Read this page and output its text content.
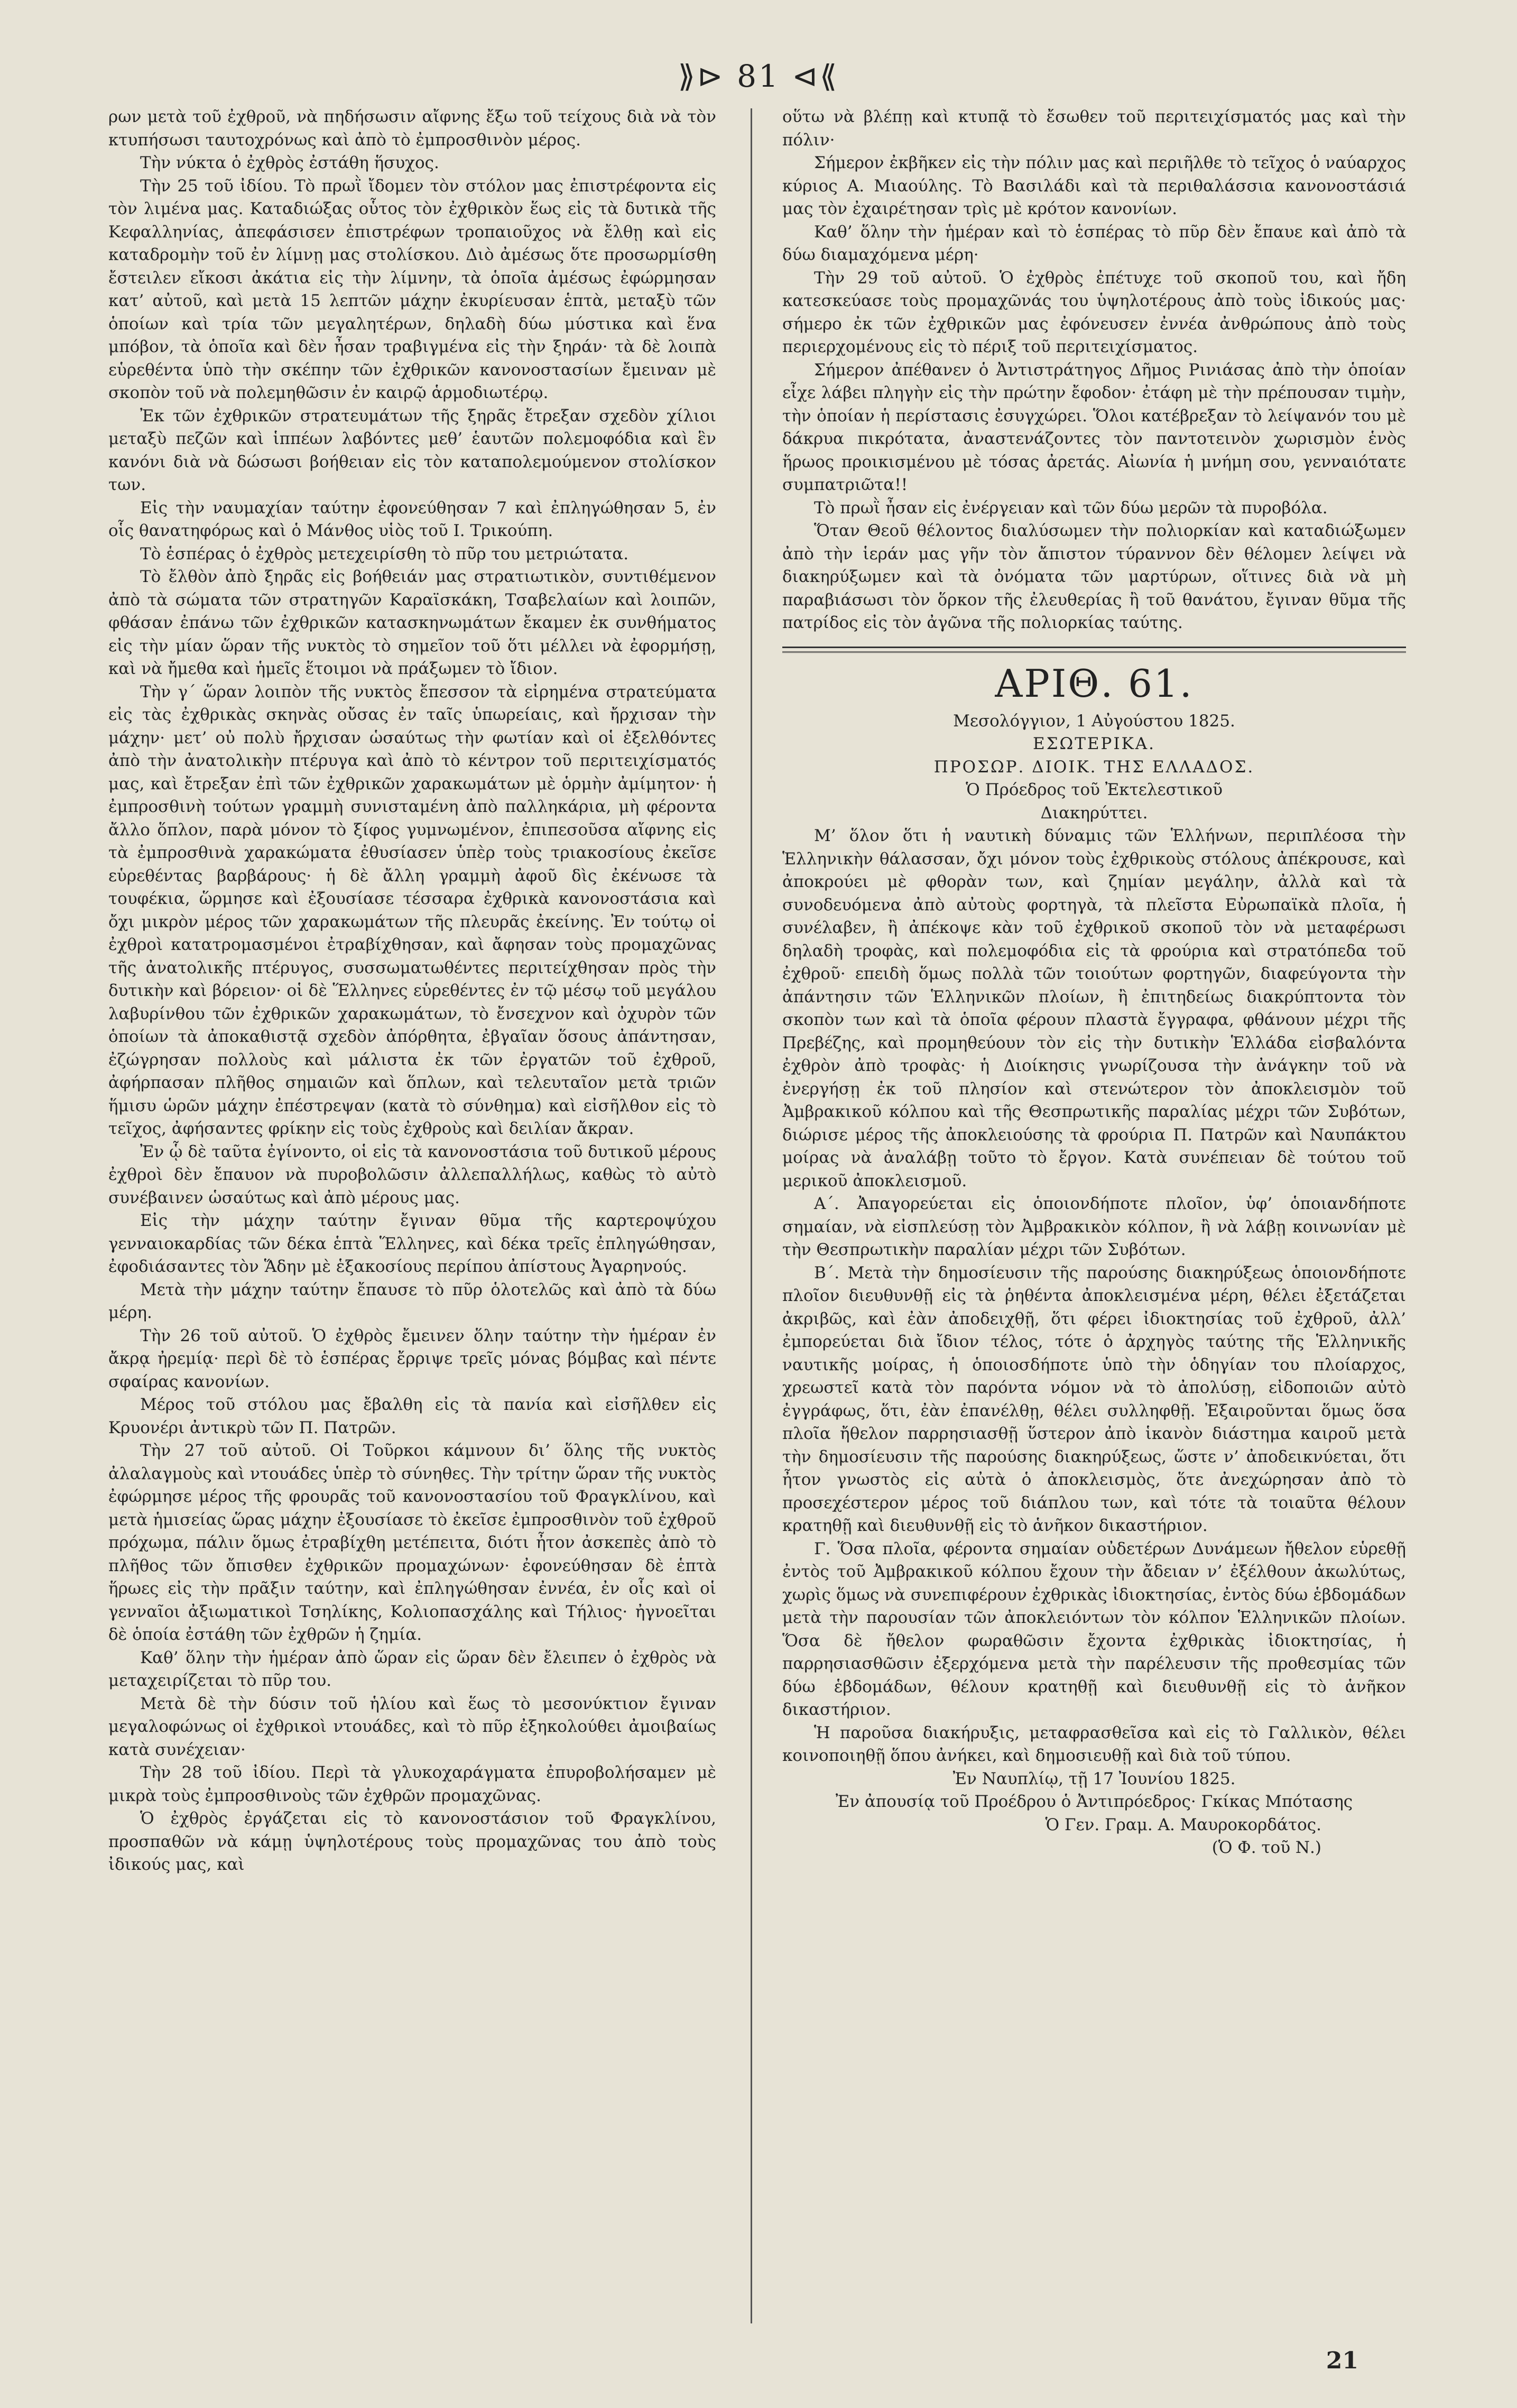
⟫⊳ 81 ⊲⟪

ρων μετὰ τοῦ ἐχθροῦ, νὰ πηδήσωσιν αἴφνης ἔξω τοῦ τείχους διὰ νὰ τὸν κτυπήσωσι ταυτοχρόνως καὶ ἀπὸ τὸ ἐμπροσθινὸν μέρος.

Τὴν νύκτα ὁ ἐχθρὸς ἐστάθη ἥσυχος.

Τὴν 25 τοῦ ἰδίου. Τὸ πρωῒ ἴδομεν τὸν στόλον μας ἐπιστρέφοντα εἰς τὸν λιμένα μας. Καταδιώξας οὗτος τὸν ἐχθρικὸν ἕως εἰς τὰ δυτικὰ τῆς Κεφαλληνίας, ἀπεφάσισεν ἐπιστρέφων τροπαιοῦχος νὰ ἔλθῃ καὶ εἰς καταδρομὴν τοῦ ἐν λίμνῃ μας στολίσκου. Διὸ ἀμέσως ὅτε προσωρμίσθη ἔστειλεν εἴκοσι ἀκάτια εἰς τὴν λίμνην, τὰ ὁποῖα ἀμέσως ἐφώρμησαν κατ’ αὐτοῦ, καὶ μετὰ 15 λεπτῶν μάχην ἐκυρίευσαν ἑπτὰ, μεταξὺ τῶν ὁποίων καὶ τρία τῶν μεγαλητέρων, δηλαδὴ δύω μύστικα καὶ ἕνα μπόβον, τὰ ὁποῖα καὶ δὲν ἦσαν τραβιγμένα εἰς τὴν ξηράν· τὰ δὲ λοιπὰ εὑρεθέντα ὑπὸ τὴν σκέπην τῶν ἐχθρικῶν κανονοστασίων ἔμειναν μὲ σκοπὸν τοῦ νὰ πολεμηθῶσιν ἐν καιρῷ ἁρμοδιωτέρῳ.

Ἐκ τῶν ἐχθρικῶν στρατευμάτων τῆς ξηρᾶς ἔτρεξαν σχεδὸν χίλιοι μεταξὺ πεζῶν καὶ ἱππέων λαβόντες μεθ’ ἑαυτῶν πολεμοφόδια καὶ ἓν κανόνι διὰ νὰ δώσωσι βοήθειαν εἰς τὸν καταπολεμούμενον στολίσκον των.

Εἰς τὴν ναυμαχίαν ταύτην ἐφονεύθησαν 7 καὶ ἐπληγώθησαν 5, ἐν οἷς θανατηφόρως καὶ ὁ Μάνθος υἱὸς τοῦ Ι. Τρικούπη.

Τὸ ἑσπέρας ὁ ἐχθρὸς μετεχειρίσθη τὸ πῦρ του μετριώτατα.

Τὸ ἔλθὸν ἀπὸ ξηρᾶς εἰς βοήθειάν μας στρατιωτικὸν, συντιθέμενον ἀπὸ τὰ σώματα τῶν στρατηγῶν Καραϊσκάκη, Τσαβελαίων καὶ λοιπῶν, φθάσαν ἐπάνω τῶν ἐχθρικῶν κατασκηνωμάτων ἔκαμεν ἐκ συνθήματος εἰς τὴν μίαν ὥραν τῆς νυκτὸς τὸ σημεῖον τοῦ ὅτι μέλλει νὰ ἐφορμήσῃ, καὶ νὰ ἤμεθα καὶ ἡμεῖς ἕτοιμοι νὰ πράξωμεν τὸ ἴδιον.

Τὴν γ΄ ὥραν λοιπὸν τῆς νυκτὸς ἔπεσσον τὰ εἰρημένα στρατεύματα εἰς τὰς ἐχθρικὰς σκηνὰς οὔσας ἐν ταῖς ὑπωρείαις, καὶ ἤρχισαν τὴν μάχην· μετ’ οὐ πολὺ ἤρχισαν ὡσαύτως τὴν φωτίαν καὶ οἱ ἐξελθόντες ἀπὸ τὴν ἀνατολικὴν πτέρυγα καὶ ἀπὸ τὸ κέντρον τοῦ περιτειχίσματός μας, καὶ ἔτρεξαν ἐπὶ τῶν ἐχθρικῶν χαρακωμάτων μὲ ὁρμὴν ἀμίμητον· ἡ ἐμπροσθινὴ τούτων γραμμὴ συνισταμένη ἀπὸ παλληκάρια, μὴ φέροντα ἄλλο ὅπλον, παρὰ μόνον τὸ ξίφος γυμνωμένον, ἐπιπεσοῦσα αἴφνης εἰς τὰ ἐμπροσθινὰ χαρακώματα ἐθυσίασεν ὑπὲρ τοὺς τριακοσίους ἐκεῖσε εὑρεθέντας βαρβάρους· ἡ δὲ ἄλλη γραμμὴ ἀφοῦ δὶς ἐκένωσε τὰ τουφέκια, ὥρμησε καὶ ἐξουσίασε τέσσαρα ἐχθρικὰ κανονοστάσια καὶ ὄχι μικρὸν μέρος τῶν χαρακωμάτων τῆς πλευρᾶς ἐκείνης. Ἐν τούτῳ οἱ ἐχθροὶ κατατρομασμένοι ἐτραβίχθησαν, καὶ ἄφησαν τοὺς προμαχῶνας τῆς ἀνατολικῆς πτέρυγος, συσσωματωθέντες περιτείχθησαν πρὸς τὴν δυτικὴν καὶ βόρειον· οἱ δὲ Ἕλληνες εὑρεθέντες ἐν τῷ μέσῳ τοῦ μεγάλου λαβυρίνθου τῶν ἐχθρικῶν χαρακωμάτων, τὸ ἔνσεχνον καὶ ὀχυρὸν τῶν ὁποίων τὰ ἀποκαθιστᾷ σχεδὸν ἀπόρθητα, ἐβγαῖαν ὅσους ἀπάντησαν, ἐζώγρησαν πολλοὺς καὶ μάλιστα ἐκ τῶν ἐργατῶν τοῦ ἐχθροῦ, ἀφήρπασαν πλῆθος σημαιῶν καὶ ὅπλων, καὶ τελευταῖον μετὰ τριῶν ἥμισυ ὡρῶν μάχην ἐπέστρεψαν (κατὰ τὸ σύνθημα) καὶ εἰσῆλθον εἰς τὸ τεῖχος, ἀφήσαντες φρίκην εἰς τοὺς ἐχθροὺς καὶ δειλίαν ἄκραν.

Ἐν ᾧ δὲ ταῦτα ἐγίνοντο, οἱ εἰς τὰ κανονοστάσια τοῦ δυτικοῦ μέρους ἐχθροὶ δὲν ἔπαυον νὰ πυροβολῶσιν ἀλλεπαλλήλως, καθὼς τὸ αὐτὸ συνέβαινεν ὡσαύτως καὶ ἀπὸ μέρους μας.

Εἰς τὴν μάχην ταύτην ἔγιναν θῦμα τῆς καρτεροψύχου γενναιοκαρδίας τῶν δέκα ἑπτὰ Ἕλληνες, καὶ δέκα τρεῖς ἐπληγώθησαν, ἐφοδιάσαντες τὸν Ἅδην μὲ ἑξακοσίους περίπου ἀπίστους Ἀγαρηνούς.

Μετὰ τὴν μάχην ταύτην ἔπαυσε τὸ πῦρ ὁλοτελῶς καὶ ἀπὸ τὰ δύω μέρη.

Τὴν 26 τοῦ αὐτοῦ. Ὁ ἐχθρὸς ἔμεινεν ὅλην ταύτην τὴν ἡμέραν ἐν ἄκρᾳ ἠρεμίᾳ· περὶ δὲ τὸ ἑσπέρας ἔρριψε τρεῖς μόνας βόμβας καὶ πέντε σφαίρας κανονίων.

Μέρος τοῦ στόλου μας ἔβαλθη εἰς τὰ πανία καὶ εἰσῆλθεν εἰς Κρυονέρι ἀντικρὺ τῶν Π. Πατρῶν.

Τὴν 27 τοῦ αὐτοῦ. Οἱ Τοῦρκοι κάμνουν δι’ ὅλης τῆς νυκτὸς ἀλαλαγμοὺς καὶ ντουάδες ὑπὲρ τὸ σύνηθες. Τὴν τρίτην ὥραν τῆς νυκτὸς ἐφώρμησε μέρος τῆς φρουρᾶς τοῦ κανονοστασίου τοῦ Φραγκλίνου, καὶ μετὰ ἡμισείας ὥρας μάχην ἐξουσίασε τὸ ἐκεῖσε ἐμπροσθινὸν τοῦ ἐχθροῦ πρόχωμα, πάλιν ὅμως ἐτραβίχθη μετέπειτα, διότι ἦτον ἀσκεπὲς ἀπὸ τὸ πλῆθος τῶν ὄπισθεν ἐχθρικῶν προμαχώνων· ἐφονεύθησαν δὲ ἑπτὰ ἥρωες εἰς τὴν πρᾶξιν ταύτην, καὶ ἐπληγώθησαν ἐννέα, ἐν οἷς καὶ οἱ γενναῖοι ἀξιωματικοὶ Τσηλίκης, Κολιοπασχάλης καὶ Τήλιος· ἠγνοεῖται δὲ ὁποία ἐστάθη τῶν ἐχθρῶν ἡ ζημία.

Καθ’ ὅλην τὴν ἡμέραν ἀπὸ ὥραν εἰς ὥραν δὲν ἔλειπεν ὁ ἐχθρὸς νὰ μεταχειρίζεται τὸ πῦρ του.

Μετὰ δὲ τὴν δύσιν τοῦ ἡλίου καὶ ἕως τὸ μεσονύκτιον ἔγιναν μεγαλοφώνως οἱ ἐχθρικοὶ ντουάδες, καὶ τὸ πῦρ ἐξηκολούθει ἀμοιβαίως κατὰ συνέχειαν·

Τὴν 28 τοῦ ἰδίου. Περὶ τὰ γλυκοχαράγματα ἐπυροβολήσαμεν μὲ μικρὰ τοὺς ἐμπροσθινοὺς τῶν ἐχθρῶν προμαχῶνας.

Ὁ ἐχθρὸς ἐργάζεται εἰς τὸ κανονοστάσιον τοῦ Φραγκλίνου, προσπαθῶν νὰ κάμῃ ὑψηλοτέρους τοὺς προμαχῶνας του ἀπὸ τοὺς ἰδικούς μας, καὶ

οὕτω νὰ βλέπῃ καὶ κτυπᾷ τὸ ἔσωθεν τοῦ περιτειχίσματός μας καὶ τὴν πόλιν·

Σήμερον ἐκβῆκεν εἰς τὴν πόλιν μας καὶ περιῆλθε τὸ τεῖχος ὁ ναύαρχος κύριος Α. Μιαούλης. Τὸ Βασιλάδι καὶ τὰ περιθαλάσσια κανονοστάσιά μας τὸν ἐχαιρέτησαν τρὶς μὲ κρότον κανονίων.

Καθ’ ὅλην τὴν ἡμέραν καὶ τὸ ἑσπέρας τὸ πῦρ δὲν ἔπαυε καὶ ἀπὸ τὰ δύω διαμαχόμενα μέρη·

Τὴν 29 τοῦ αὐτοῦ. Ὁ ἐχθρὸς ἐπέτυχε τοῦ σκοποῦ του, καὶ ἤδη κατεσκεύασε τοὺς προμαχῶνάς του ὑψηλοτέρους ἀπὸ τοὺς ἰδικούς μας· σήμερο ἐκ τῶν ἐχθρικῶν μας ἐφόνευσεν ἐννέα ἀνθρώπους ἀπὸ τοὺς περιερχομένους εἰς τὸ πέριξ τοῦ περιτειχίσματος.

Σήμερον ἀπέθανεν ὁ Ἀντιστράτηγος Δῆμος Ρινιάσας ἀπὸ τὴν ὁποίαν εἶχε λάβει πληγὴν εἰς τὴν πρώτην ἔφοδον· ἐτάφη μὲ τὴν πρέπουσαν τιμὴν, τὴν ὁποίαν ἡ περίστασις ἐσυγχώρει. Ὅλοι κατέβρεξαν τὸ λείψανόν του μὲ δάκρυα πικρότατα, ἀναστενάζοντες τὸν παντοτεινὸν χωρισμὸν ἑνὸς ἥρωος προικισμένου μὲ τόσας ἀρετάς. Αἰωνία ἡ μνήμη σου, γενναιότατε συμπατριῶτα!!

Τὸ πρωῒ ἦσαν εἰς ἐνέργειαν καὶ τῶν δύω μερῶν τὰ πυροβόλα.

Ὅταν Θεοῦ θέλοντος διαλύσωμεν τὴν πολιορκίαν καὶ καταδιώξωμεν ἀπὸ τὴν ἱεράν μας γῆν τὸν ἄπιστον τύραννον δὲν θέλομεν λείψει νὰ διακηρύξωμεν καὶ τὰ ὀνόματα τῶν μαρτύρων, οἵτινες διὰ νὰ μὴ παραβιάσωσι τὸν ὅρκον τῆς ἐλευθερίας ἢ τοῦ θανάτου, ἔγιναν θῦμα τῆς πατρίδος εἰς τὸν ἀγῶνα τῆς πολιορκίας ταύτης.

ΑΡΙΘ. 61.

Μεσολόγγιον, 1 Αὐγούστου 1825.

ΕΣΩΤΕΡΙΚΑ.

ΠΡΟΣΩΡ. ΔΙΟΙΚ. ΤΗΣ ΕΛΛΑΔΟΣ.

Ὁ Πρόεδρος τοῦ Ἐκτελεστικοῦ

Διακηρύττει.

Μ’ ὅλον ὅτι ἡ ναυτικὴ δύναμις τῶν Ἑλλήνων, περιπλέοσα τὴν Ἑλληνικὴν θάλασσαν, ὄχι μόνον τοὺς ἐχθρικοὺς στόλους ἀπέκρουσε, καὶ ἀποκρούει μὲ φθορὰν των, καὶ ζημίαν μεγάλην, ἀλλὰ καὶ τὰ συνοδευόμενα ἀπὸ αὐτοὺς φορτηγὰ, τὰ πλεῖστα Εὐρωπαϊκὰ πλοῖα, ἡ συνέλαβεν, ἢ ἀπέκοψε κὰν τοῦ ἐχθρικοῦ σκοποῦ τὸν νὰ μεταφέρωσι δηλαδὴ τροφὰς, καὶ πολεμοφόδια εἰς τὰ φρούρια καὶ στρατόπεδα τοῦ ἐχθροῦ· επειδὴ ὅμως πολλὰ τῶν τοιούτων φορτηγῶν, διαφεύγοντα τὴν ἀπάντησιν τῶν Ἑλληνικῶν πλοίων, ἢ ἐπιτηδείως διακρύπτοντα τὸν σκοπὸν των καὶ τὰ ὁποῖα φέρουν πλαστὰ ἔγγραφα, φθάνουν μέχρι τῆς Πρεβέζης, καὶ προμηθεύουν τὸν εἰς τὴν δυτικὴν Ἑλλάδα εἰσβαλόντα ἐχθρὸν ἀπὸ τροφὰς· ἡ Διοίκησις γνωρίζουσα τὴν ἀνάγκην τοῦ νὰ ἐνεργήσῃ ἐκ τοῦ πλησίον καὶ στενώτερον τὸν ἀποκλεισμὸν τοῦ Ἀμβρακικοῦ κόλπου καὶ τῆς Θεσπρωτικῆς παραλίας μέχρι τῶν Συβότων, διώρισε μέρος τῆς ἀποκλειούσης τὰ φρούρια Π. Πατρῶν καὶ Ναυπάκτου μοίρας νὰ ἀναλάβῃ τοῦτο τὸ ἔργον. Κατὰ συνέπειαν δὲ τούτου τοῦ μερικοῦ ἀποκλεισμοῦ.

Α΄. Ἀπαγορεύεται εἰς ὁποιονδήποτε πλοῖον, ὑφ’ ὁποιανδήποτε σημαίαν, νὰ εἰσπλεύσῃ τὸν Ἀμβρακικὸν κόλπον, ἢ νὰ λάβῃ κοινωνίαν μὲ τὴν Θεσπρωτικὴν παραλίαν μέχρι τῶν Συβότων.

Β΄. Μετὰ τὴν δημοσίευσιν τῆς παρούσης διακηρύξεως ὁποιονδήποτε πλοῖον διευθυνθῇ εἰς τὰ ῥηθέντα ἀποκλεισμένα μέρη, θέλει ἐξετάζεται ἀκριβῶς, καὶ ἐὰν ἀποδειχθῇ, ὅτι φέρει ἰδιοκτησίας τοῦ ἐχθροῦ, ἀλλ’ ἐμπορεύεται διὰ ἴδιον τέλος, τότε ὁ ἀρχηγὸς ταύτης τῆς Ἑλληνικῆς ναυτικῆς μοίρας, ἡ ὁποιοσδήποτε ὑπὸ τὴν ὁδηγίαν του πλοίαρχος, χρεωστεῖ κατὰ τὸν παρόντα νόμον νὰ τὸ ἀπολύσῃ, εἰδοποιῶν αὐτὸ ἐγγράφως, ὅτι, ἐὰν ἐπανέλθῃ, θέλει συλληφθῇ. Ἐξαιροῦνται ὅμως ὅσα πλοῖα ἤθελον παρρησιασθῇ ὕστερον ἀπὸ ἱκανὸν διάστημα καιροῦ μετὰ τὴν δημοσίευσιν τῆς παρούσης διακηρύξεως, ὥστε ν’ ἀποδεικνύεται, ὅτι ἦτον γνωστὸς εἰς αὐτὰ ὁ ἀποκλεισμὸς, ὅτε ἀνεχώρησαν ἀπὸ τὸ προσεχέστερον μέρος τοῦ διάπλου των, καὶ τότε τὰ τοιαῦτα θέλουν κρατηθῇ καὶ διευθυνθῇ εἰς τὸ ἁνῆκον δικαστήριον.

Γ. Ὅσα πλοῖα, φέροντα σημαίαν οὐδετέρων Δυνάμεων ἤθελον εὑρεθῇ ἐντὸς τοῦ Ἀμβρακικοῦ κόλπου ἔχουν τὴν ἄδειαν ν’ ἐξέλθουν ἀκωλύτως, χωρὶς ὅμως νὰ συνεπιφέρουν ἐχθρικὰς ἰδιοκτησίας, ἐντὸς δύω ἑβδομάδων μετὰ τὴν παρουσίαν τῶν ἀποκλειόντων τὸν κόλπον Ἑλληνικῶν πλοίων. Ὅσα δὲ ἤθελον φωραθῶσιν ἔχοντα ἐχθρικὰς ἰδιοκτησίας, ἡ παρρησιασθῶσιν ἐξερχόμενα μετὰ τὴν παρέλευσιν τῆς προθεσμίας τῶν δύω ἑβδομάδων, θέλουν κρατηθῇ καὶ διευθυνθῇ εἰς τὸ ἁνῆκον δικαστήριον.

Ἡ παροῦσα διακήρυξις, μεταφρασθεῖσα καὶ εἰς τὸ Γαλλικὸν, θέλει κοινοποιηθῇ ὅπου ἀνήκει, καὶ δημοσιευθῇ καὶ διὰ τοῦ τύπου.

Ἐν Ναυπλίῳ, τῇ 17 Ἰουνίου 1825.

Ἐν ἀπουσίᾳ τοῦ Προέδρου ὁ Ἀντιπρόεδρος· Γκίκας Μπότασης

Ὁ Γεν. Γραμ. Α. Μαυροκορδάτος.

(Ὁ Φ. τοῦ Ν.)

21
